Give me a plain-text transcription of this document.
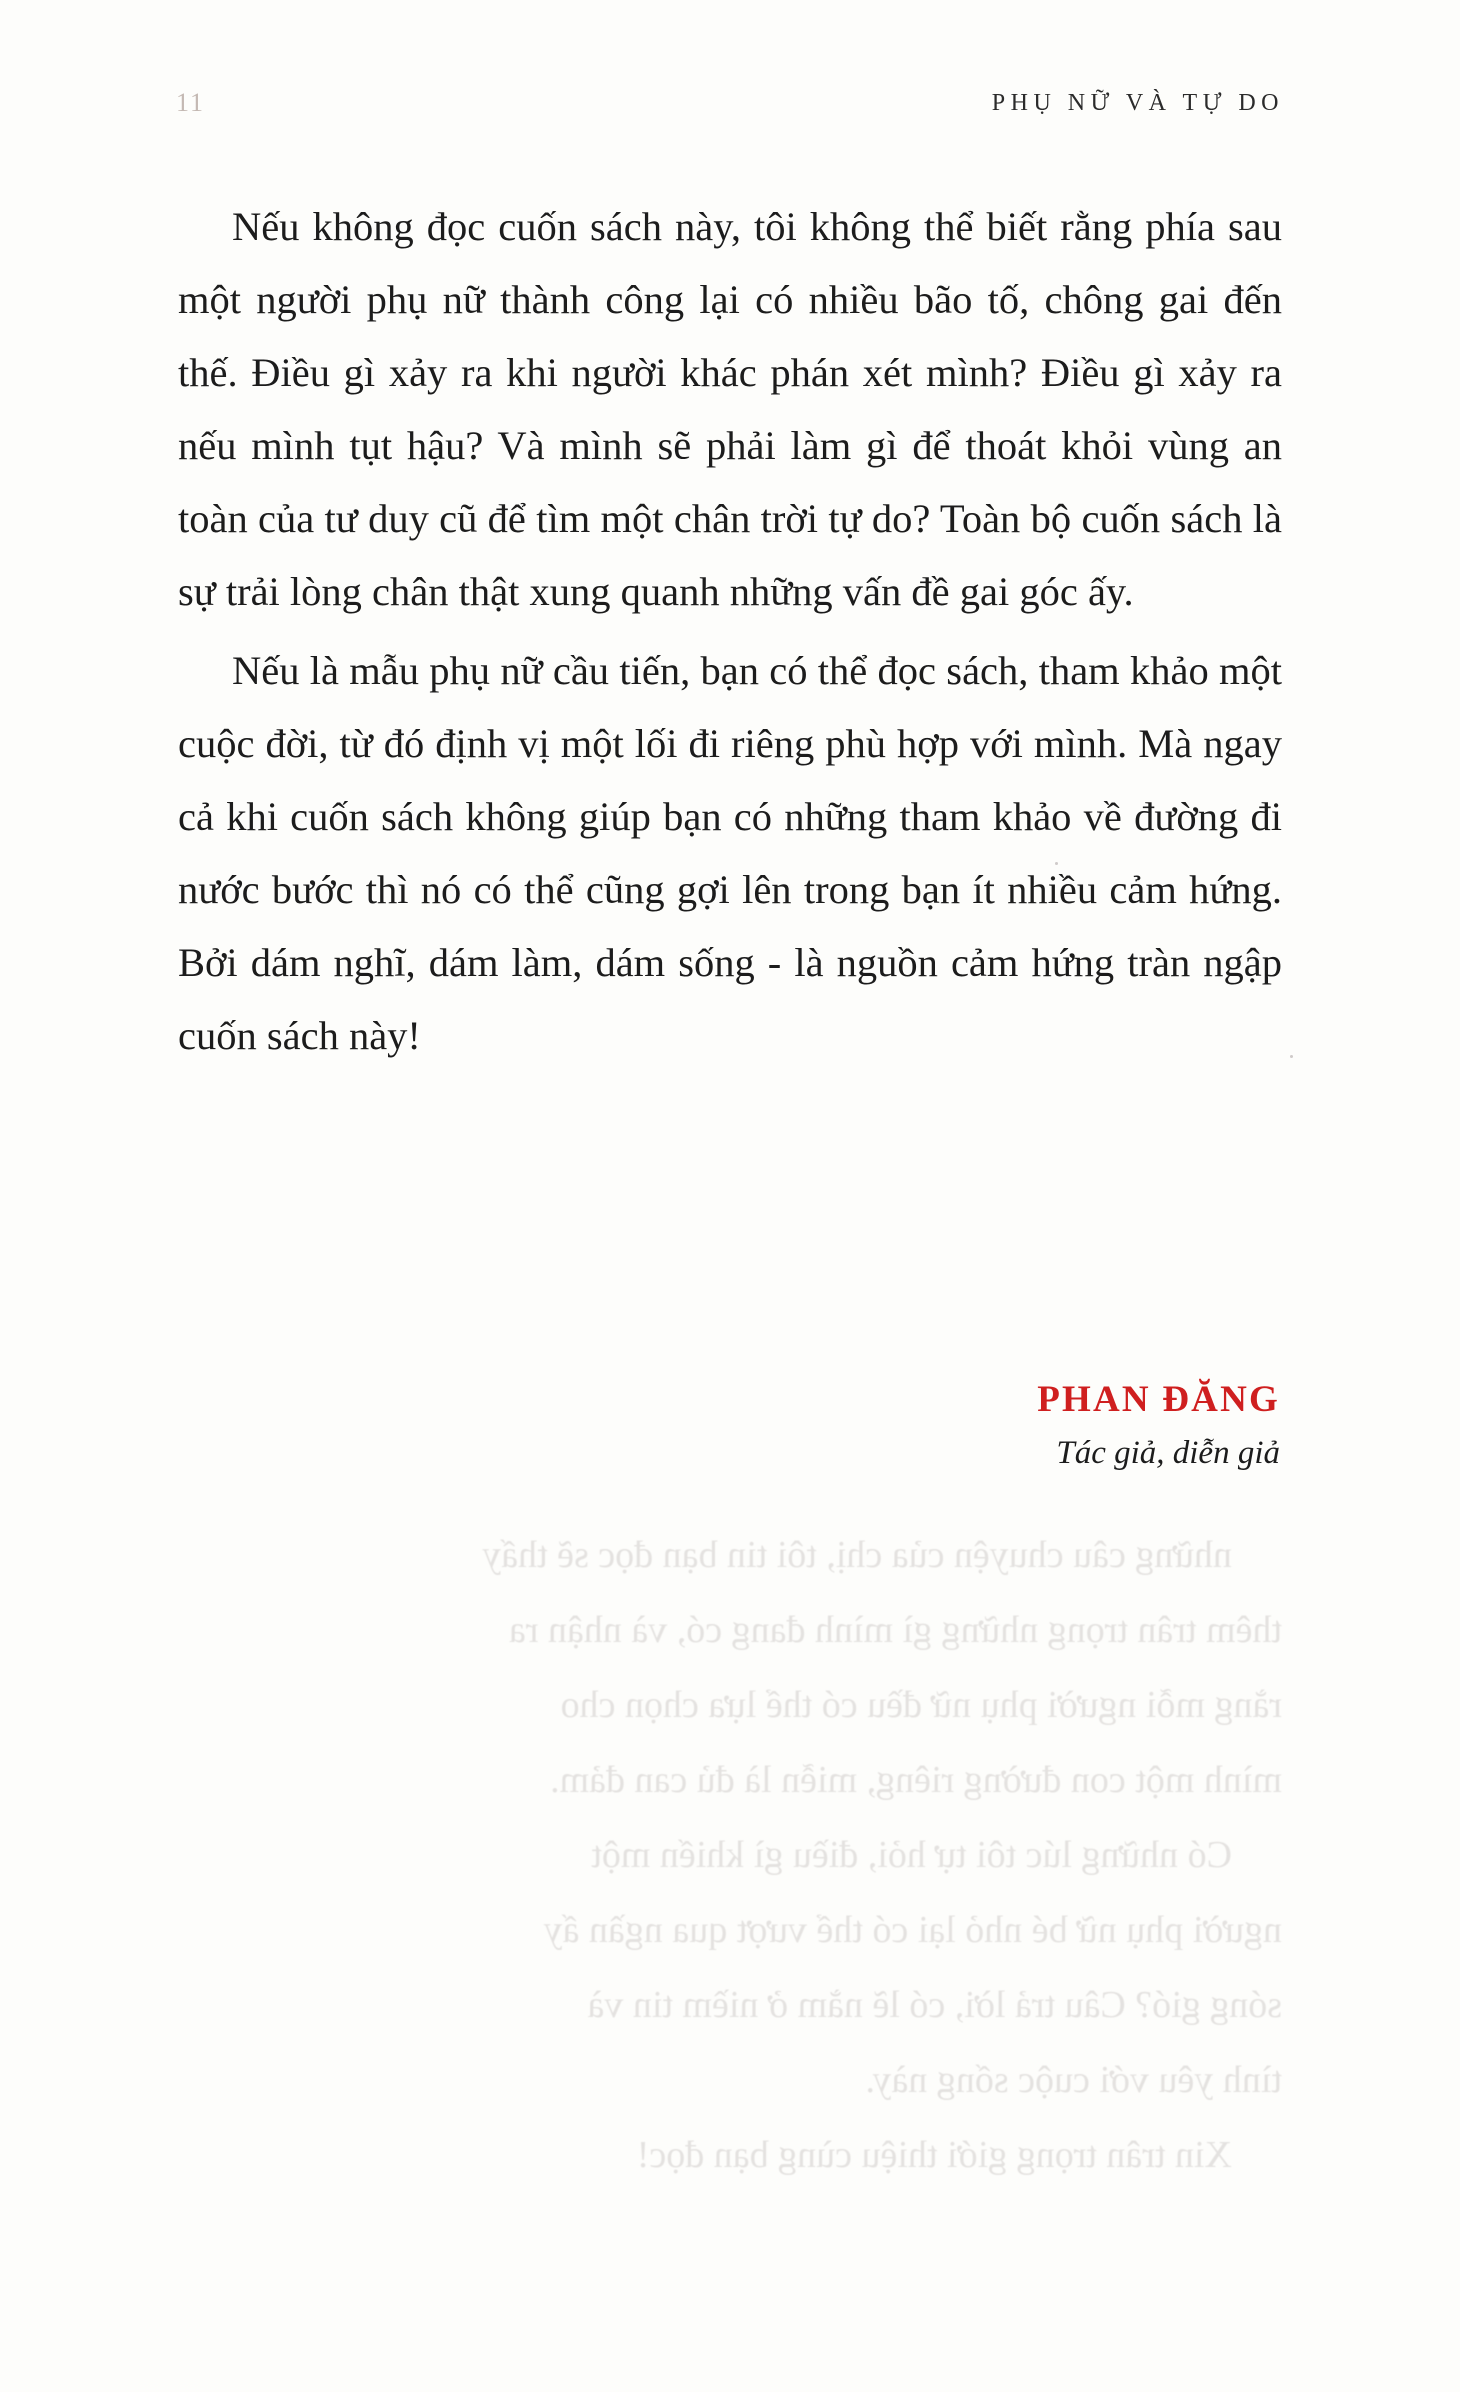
11	PHỤ NỮ VÀ TỰ DO

Nếu không đọc cuốn sách này, tôi không thể biết rằng phía sau một người phụ nữ thành công lại có nhiều bão tố, chông gai đến thế. Điều gì xảy ra khi người khác phán xét mình? Điều gì xảy ra nếu mình tụt hậu? Và mình sẽ phải làm gì để thoát khỏi vùng an toàn của tư duy cũ để tìm một chân trời tự do? Toàn bộ cuốn sách là sự trải lòng chân thật xung quanh những vấn đề gai góc ấy.

Nếu là mẫu phụ nữ cầu tiến, bạn có thể đọc sách, tham khảo một cuộc đời, từ đó định vị một lối đi riêng phù hợp với mình. Mà ngay cả khi cuốn sách không giúp bạn có những tham khảo về đường đi nước bước thì nó có thể cũng gợi lên trong bạn ít nhiều cảm hứng. Bởi dám nghĩ, dám làm, dám sống - là nguồn cảm hứng tràn ngập cuốn sách này!

PHAN ĐĂNG
Tác giả, diễn giả

những câu chuyện của chị, tôi tin bạn đọc sẽ thấy

thêm trân trọng những gì mình đang có, và nhận ra

rằng mỗi người phụ nữ đều có thể lựa chọn cho

mình một con đường riêng, miễn là đủ can đảm.

Có những lúc tôi tự hỏi, điều gì khiến một

người phụ nữ bé nhỏ lại có thể vượt qua ngần ấy

sóng gió? Câu trả lời, có lẽ nằm ở niềm tin và

tình yêu với cuộc sống này.

Xin trân trọng giới thiệu cùng bạn đọc!
